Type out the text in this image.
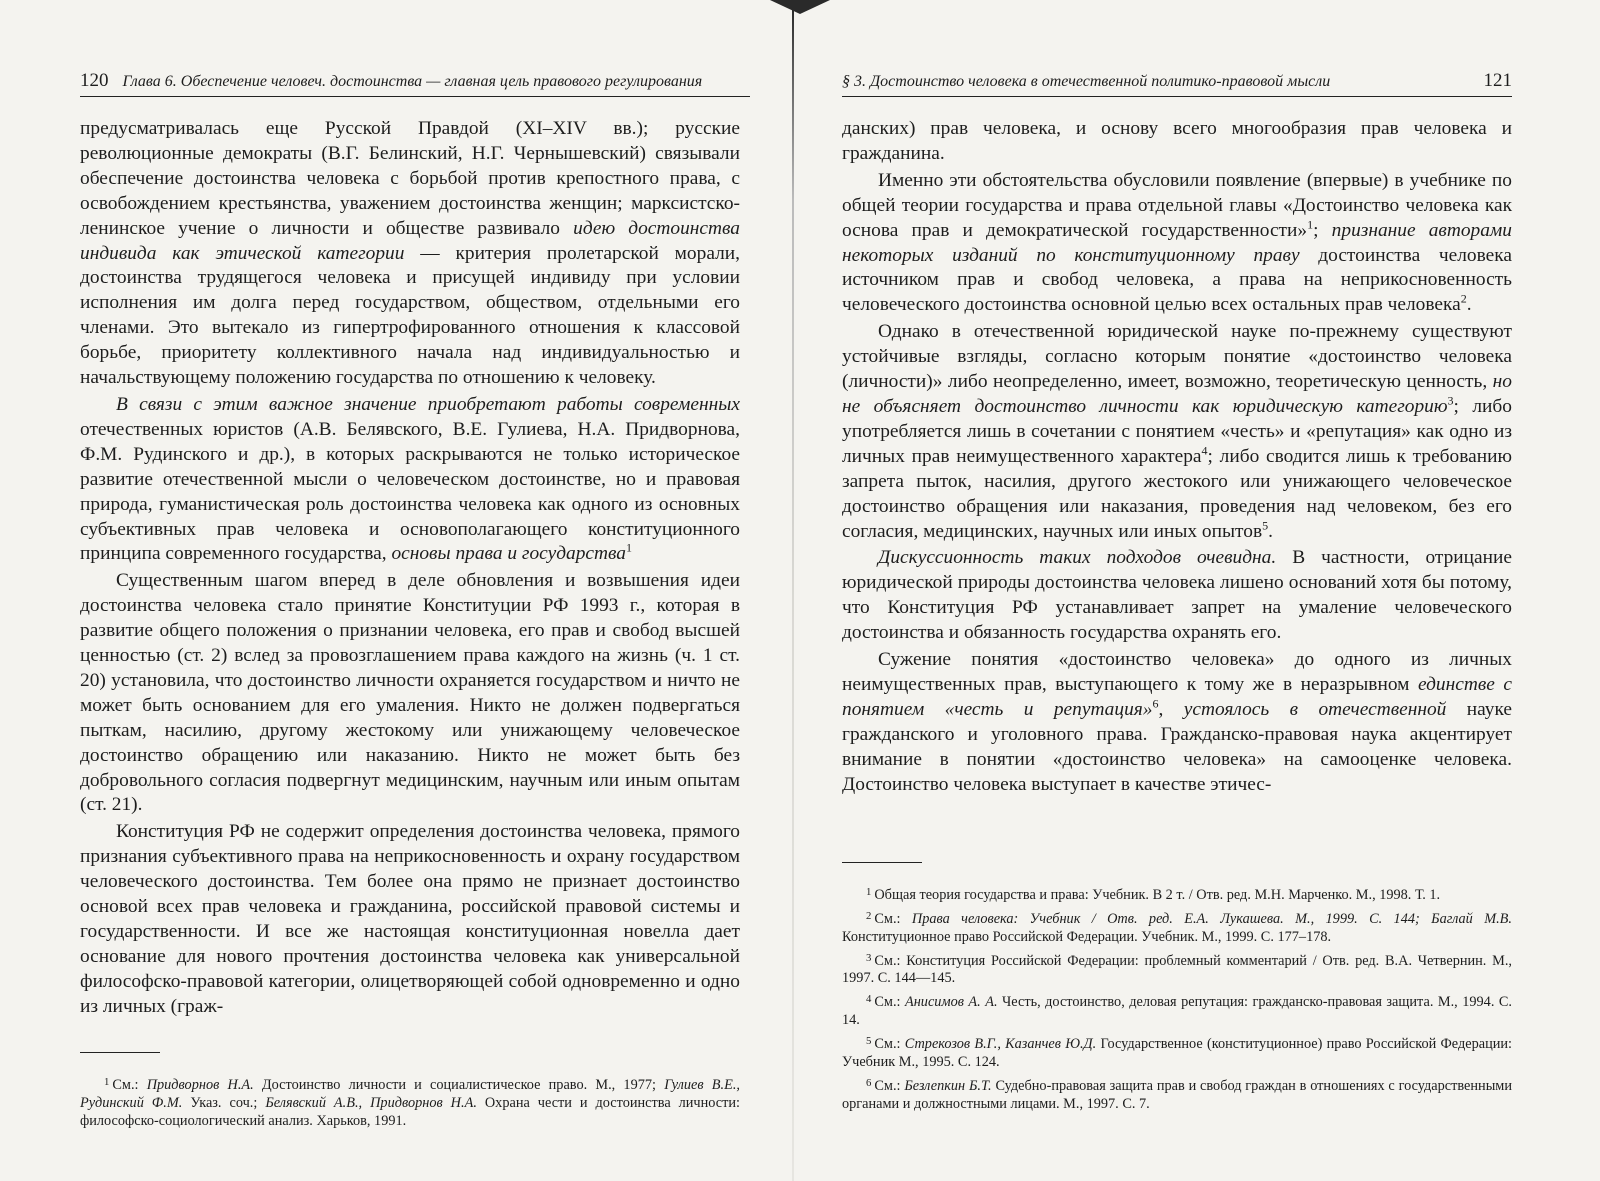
120 Глава 6. Обеспечение человеч. достоинства — главная цель правового регулирования

предусматривалась еще Русской Правдой (XI–XIV вв.); русские революционные демократы (В.Г. Белинский, Н.Г. Чернышевский) связывали обеспечение достоинства человека с борьбой против крепостного права, с освобождением крестьянства, уважением достоинства женщин; марксистско-ленинское учение о личности и обществе развивало идею достоинства индивида как этической категории — критерия пролетарской морали, достоинства трудящегося человека и присущей индивиду при условии исполнения им долга перед государством, обществом, отдельными его членами. Это вытекало из гипертрофированного отношения к классовой борьбе, приоритету коллективного начала над индивидуальностью и начальствующему положению государства по отношению к человеку.

В связи с этим важное значение приобретают работы современных отечественных юристов (А.В. Белявского, В.Е. Гулиева, Н.А. Придворнова, Ф.М. Рудинского и др.), в которых раскрываются не только историческое развитие отечественной мысли о человеческом достоинстве, но и правовая природа, гуманистическая роль достоинства человека как одного из основных субъективных прав человека и основополагающего конституционного принципа современного государства, основы права и государства$^1$

Существенным шагом вперед в деле обновления и возвышения идеи достоинства человека стало принятие Конституции РФ 1993 г., которая в развитие общего положения о признании человека, его прав и свобод высшей ценностью (ст. 2) вслед за провозглашением права каждого на жизнь (ч. 1 ст. 20) установила, что достоинство личности охраняется государством и ничто не может быть основанием для его умаления. Никто не должен подвергаться пыткам, насилию, другому жестокому или унижающему человеческое достоинство обращению или наказанию. Никто не может быть без добровольного согласия подвергнут медицинским, научным или иным опытам (ст. 21).

Конституция РФ не содержит определения достоинства человека, прямого признания субъективного права на неприкосновенность и охрану государством человеческого достоинства. Тем более она прямо не признает достоинство основой всех прав человека и гражданина, российской правовой системы и государственности. И все же настоящая конституционная новелла дает основание для нового прочтения достоинства человека как универсальной философско-правовой категории, олицетворяющей собой одновременно и одно из личных (граж-

$^1$ См.: Придворнов Н.А. Достоинство личности и социалистическое право. М., 1977; Гулиев В.Е., Рудинский Ф.М. Указ. соч.; Белявский А.В., Придворнов Н.А. Охрана чести и достоинства личности: философско-социологический анализ. Харьков, 1991.

§ 3. Достоинство человека в отечественной политико-правовой мысли	121

данских) прав человека, и основу всего многообразия прав человека и гражданина.

Именно эти обстоятельства обусловили появление (впервые) в учебнике по общей теории государства и права отдельной главы «Достоинство человека как основа прав и демократической государственности»$^1$; признание авторами некоторых изданий по конституционному праву достоинства человека источником прав и свобод человека, а права на неприкосновенность человеческого достоинства основной целью всех остальных прав человека$^2$.

Однако в отечественной юридической науке по-прежнему существуют устойчивые взгляды, согласно которым понятие «достоинство человека (личности)» либо неопределенно, имеет, возможно, теоретическую ценность, но не объясняет достоинство личности как юридическую категорию$^3$; либо употребляется лишь в сочетании с понятием «честь» и «репутация» как одно из личных прав неимущественного характера$^4$; либо сводится лишь к требованию запрета пыток, насилия, другого жестокого или унижающего человеческое достоинство обращения или наказания, проведения над человеком, без его согласия, медицинских, научных или иных опытов$^5$.

Дискуссионность таких подходов очевидна. В частности, отрицание юридической природы достоинства человека лишено оснований хотя бы потому, что Конституция РФ устанавливает запрет на умаление человеческого достоинства и обязанность государства охранять его.

Сужение понятия «достоинство человека» до одного из личных неимущественных прав, выступающего к тому же в неразрывном единстве с понятием «честь и репутация»$^6$, устоялось в отечественной науке гражданского и уголовного права. Гражданско-правовая наука акцентирует внимание в понятии «достоинство человека» на самооценке человека. Достоинство человека выступает в качестве этичес-

$^1$ Общая теория государства и права: Учебник. В 2 т. / Отв. ред. М.Н. Марченко. М., 1998. Т. 1.

$^2$ См.: Права человека: Учебник / Отв. ред. Е.А. Лукашева. М., 1999. С. 144; Баглай М.В. Конституционное право Российской Федерации. Учебник. М., 1999. С. 177–178.

$^3$ См.: Конституция Российской Федерации: проблемный комментарий / Отв. ред. В.А. Четвернин. М., 1997. С. 144—145.

$^4$ См.: Анисимов А. А. Честь, достоинство, деловая репутация: гражданско-правовая защита. М., 1994. С. 14.

$^5$ См.: Стрекозов В.Г., Казанчев Ю.Д. Государственное (конституционное) право Российской Федерации: Учебник М., 1995. С. 124.

$^6$ См.: Безлепкин Б.Т. Судебно-правовая защита прав и свобод граждан в отношениях с государственными органами и должностными лицами. М., 1997. С. 7.
